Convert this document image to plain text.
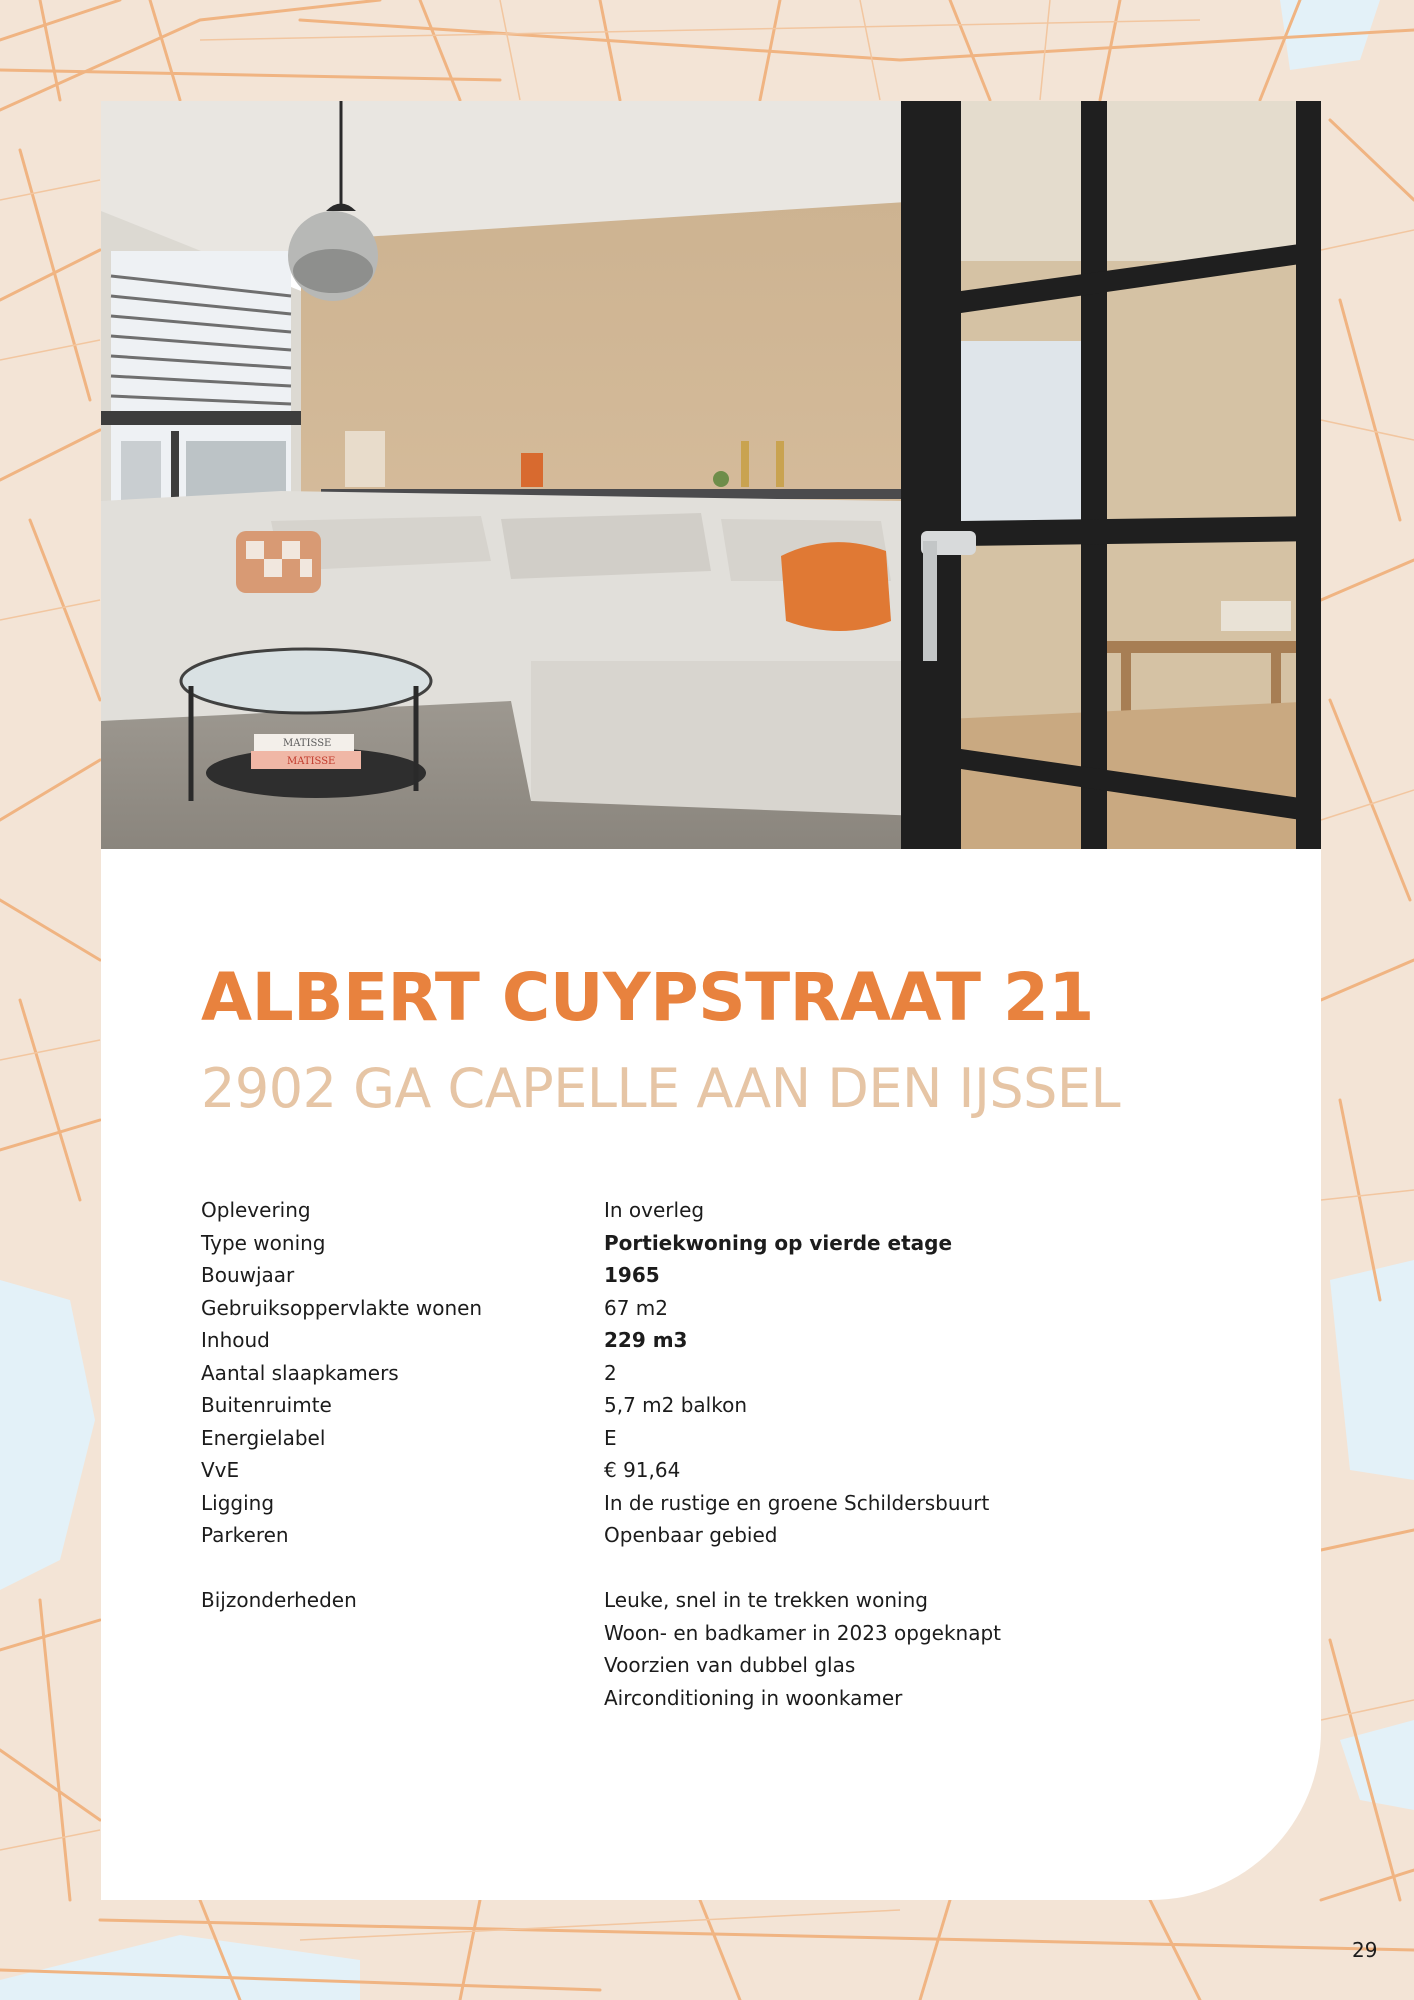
MATISSE
MATISSE
ALBERT CUYPSTRAAT 21
2902 GA CAPELLE AAN DEN IJSSEL
Oplevering	In overleg
Type woning	Portiekwoning op vierde etage
Bouwjaar	1965
Gebruiksoppervlakte wonen	67 m2
Inhoud	229 m3
Aantal slaapkamers	2
Buitenruimte	5,7 m2 balkon
Energielabel	E
VvE	€ 91,64
Ligging	In de rustige en groene Schildersbuurt
Parkeren	Openbaar gebied
Bijzonderheden	Leuke, snel in te trekken woning
Woon- en badkamer in 2023 opgeknapt
Voorzien van dubbel glas
Airconditioning in woonkamer
29
